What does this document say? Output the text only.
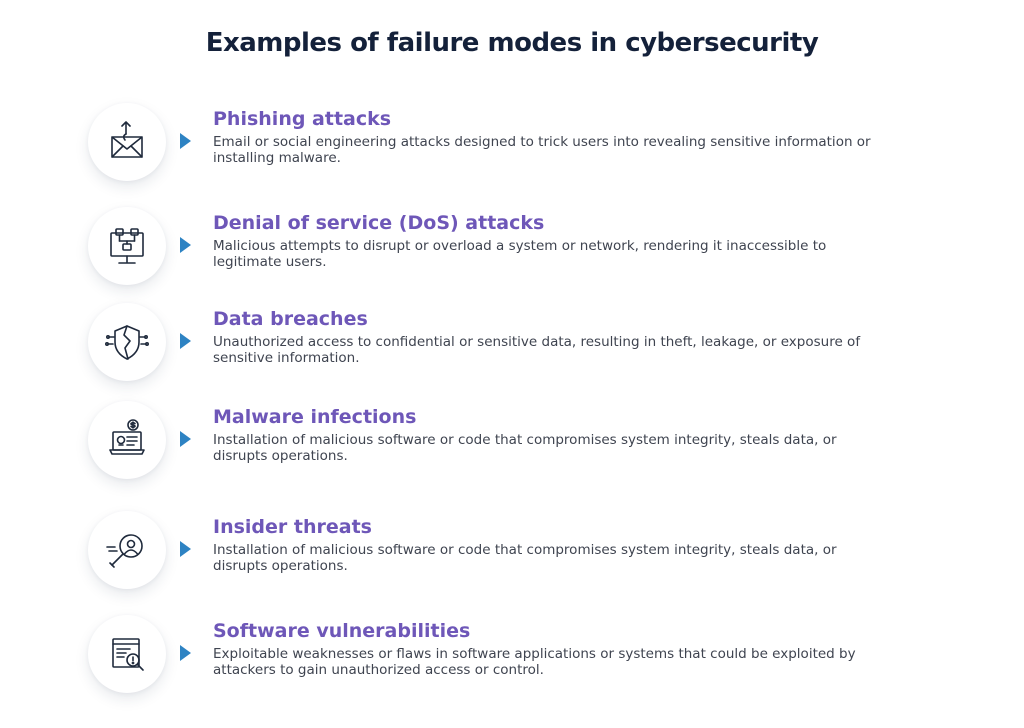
Examples of failure modes in cybersecurity
Phishing attacks
Email or social engineering attacks designed to trick users into revealing sensitive information or installing malware.
Denial of service (DoS) attacks
Malicious attempts to disrupt or overload a system or network, rendering it inaccessible to legitimate users.
Data breaches
Unauthorized access to confidential or sensitive data, resulting in theft, leakage, or exposure of sensitive information.
Malware infections
Installation of malicious software or code that compromises system integrity, steals data, or disrupts operations.
Insider threats
Installation of malicious software or code that compromises system integrity, steals data, or disrupts operations.
Software vulnerabilities
Exploitable weaknesses or flaws in software applications or systems that could be exploited by attackers to gain unauthorized access or control.
